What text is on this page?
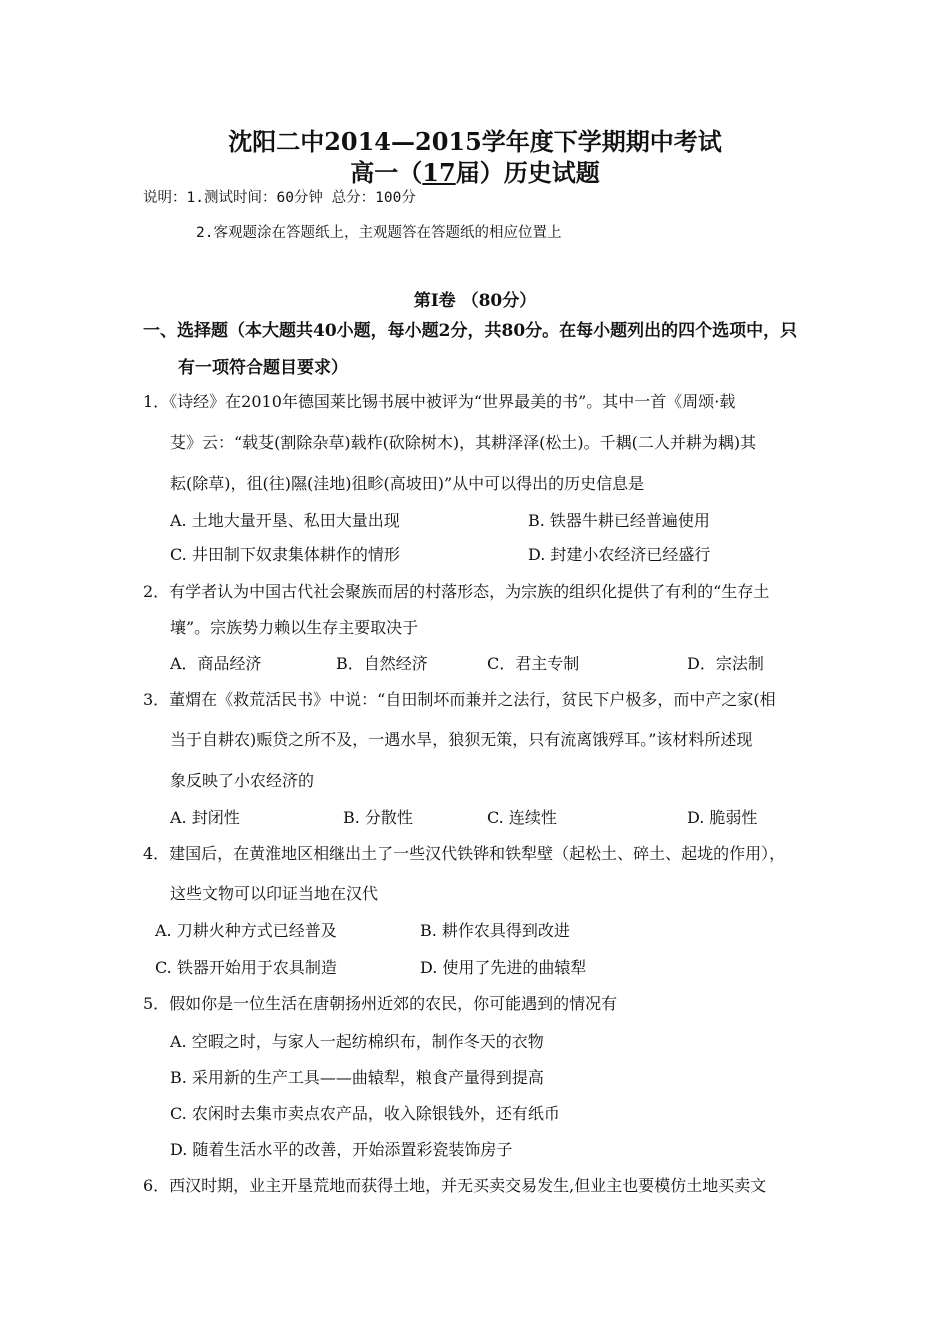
沈阳二中2014—2015学年度下学期期中考试
高一（17届）历史试题
说明：1.测试时间：60分钟 总分：100分
2.客观题涂在答题纸上，主观题答在答题纸的相应位置上
第Ⅰ卷 （80分）
一、选择题（本大题共40小题，每小题2分，共80分。在每小题列出的四个选项中，只
有一项符合题目要求）
1．《诗经》在2010年德国莱比锡书展中被评为“世界最美的书”。其中一首《周颂·载
芟》云：“载芟(割除杂草)载柞(砍除树木)，其耕泽泽(松土)。千耦(二人并耕为耦)其
耘(除草)，徂(往)隰(洼地)徂畛(高坡田)”从中可以得出的历史信息是
A. 土地大量开垦、私田大量出现	B. 铁器牛耕已经普遍使用
C. 井田制下奴隶集体耕作的情形	D. 封建小农经济已经盛行
2．有学者认为中国古代社会聚族而居的村落形态，为宗族的组织化提供了有利的“生存土
壤”。宗族势力赖以生存主要取决于
A．商品经济	B．自然经济	C．君主专制	D．宗法制
3．董煟在《救荒活民书》中说：“自田制坏而兼并之法行，贫民下户极多，而中产之家(相
当于自耕农)赈贷之所不及，一遇水旱，狼狈无策，只有流离饿殍耳。”该材料所述现
象反映了小农经济的
A. 封闭性	B. 分散性	C. 连续性	D. 脆弱性
4．建国后，在黄淮地区相继出土了一些汉代铁铧和铁犁壁（起松土、碎土、起垅的作用），
这些文物可以印证当地在汉代
A. 刀耕火种方式已经普及	B. 耕作农具得到改进
C. 铁器开始用于农具制造	D. 使用了先进的曲辕犁
5．假如你是一位生活在唐朝扬州近郊的农民，你可能遇到的情况有
A. 空暇之时，与家人一起纺棉织布，制作冬天的衣物
B. 采用新的生产工具——曲辕犁，粮食产量得到提高
C. 农闲时去集市卖点农产品，收入除银钱外，还有纸币
D. 随着生活水平的改善，开始添置彩瓷装饰房子
6．西汉时期，业主开垦荒地而获得土地，并无买卖交易发生,但业主也要模仿土地买卖文
